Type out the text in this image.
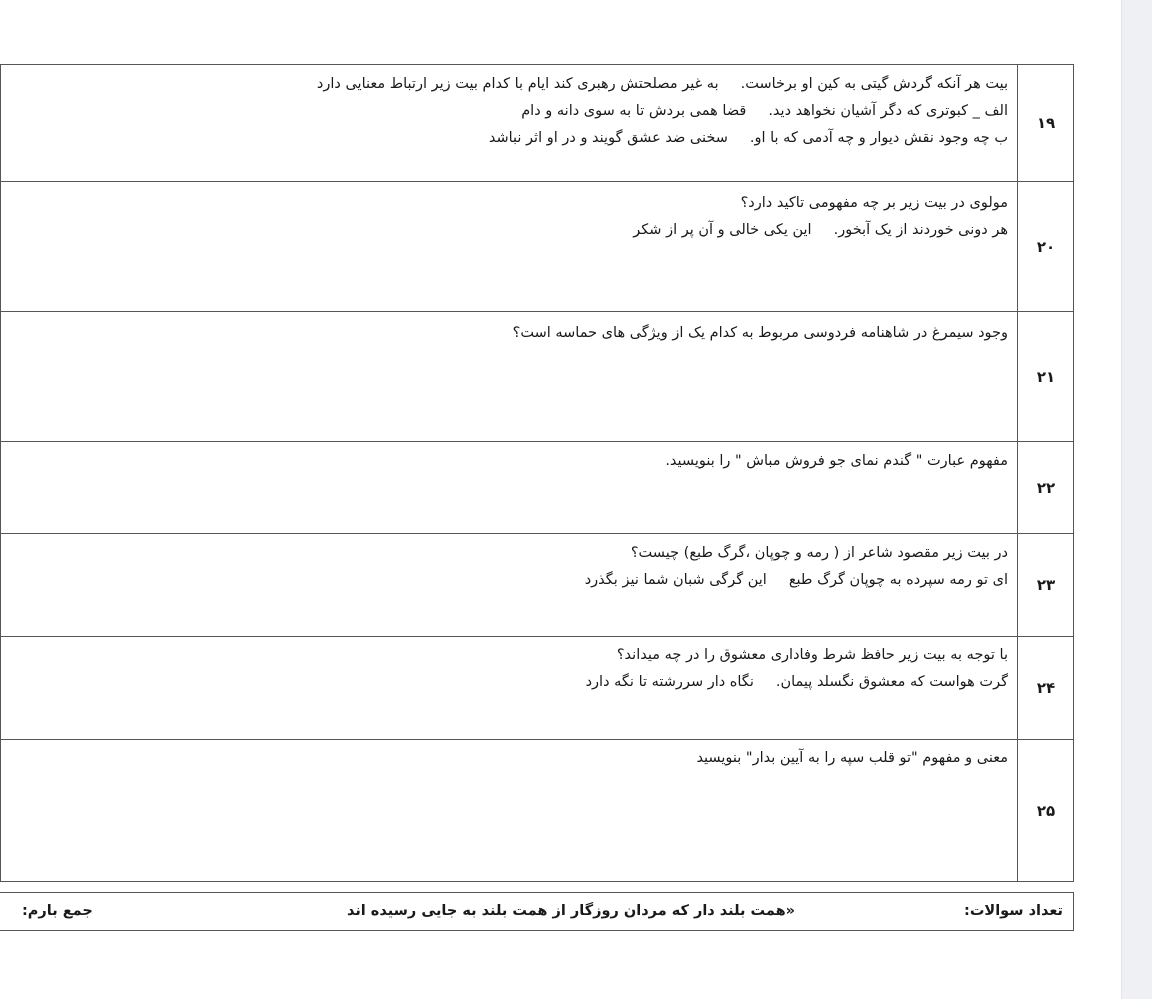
بیت هر آنکه گردش گیتی به کین او برخاست.به غیر مصلحتش رهبری کند ایام با کدام بیت زیر ارتباط معنایی دارد
الف _ کبوتری که دگر آشیان نخواهد دید.قضا همی بردش تا به سوی دانه و دام
ب چه وجود نقش دیوار و چه آدمی که با او.سخنی ضد عشق گویند و در او اثر نباشد
۱۹
مولوی در بیت زیر بر چه مفهومی تاکید دارد؟
هر دونی خوردند از یک آبخور.این یکی خالی و آن پر از شکر
۲۰
وجود سیمرغ در شاهنامه فردوسی مربوط به کدام یک از ویژگی های حماسه است؟
۲۱
مفهوم عبارت " گندم نمای جو فروش مباش " را بنویسید.
۲۲
در بیت زیر مقصود شاعر از ( رمه و چوپان ،گرگ طبع) چیست؟
ای تو رمه سپرده به چوپان گرگ طبعاین گرگی شبان شما نیز بگذرد	۲۳
با توجه به بیت زیر حافظ شرط وفاداری معشوق را در چه میداند؟
گرت هواست که معشوق نگسلد پیمان.نگاه دار سررشته تا نگه دارد	۲۴
معنی و مفهوم "تو قلب سپه را به آیین بدار" بنویسید
۲۵
تعداد سوالات:
«همت بلند دار که مردان روزگار از همت بلند به جایی رسیده اند
جمع بارم:
